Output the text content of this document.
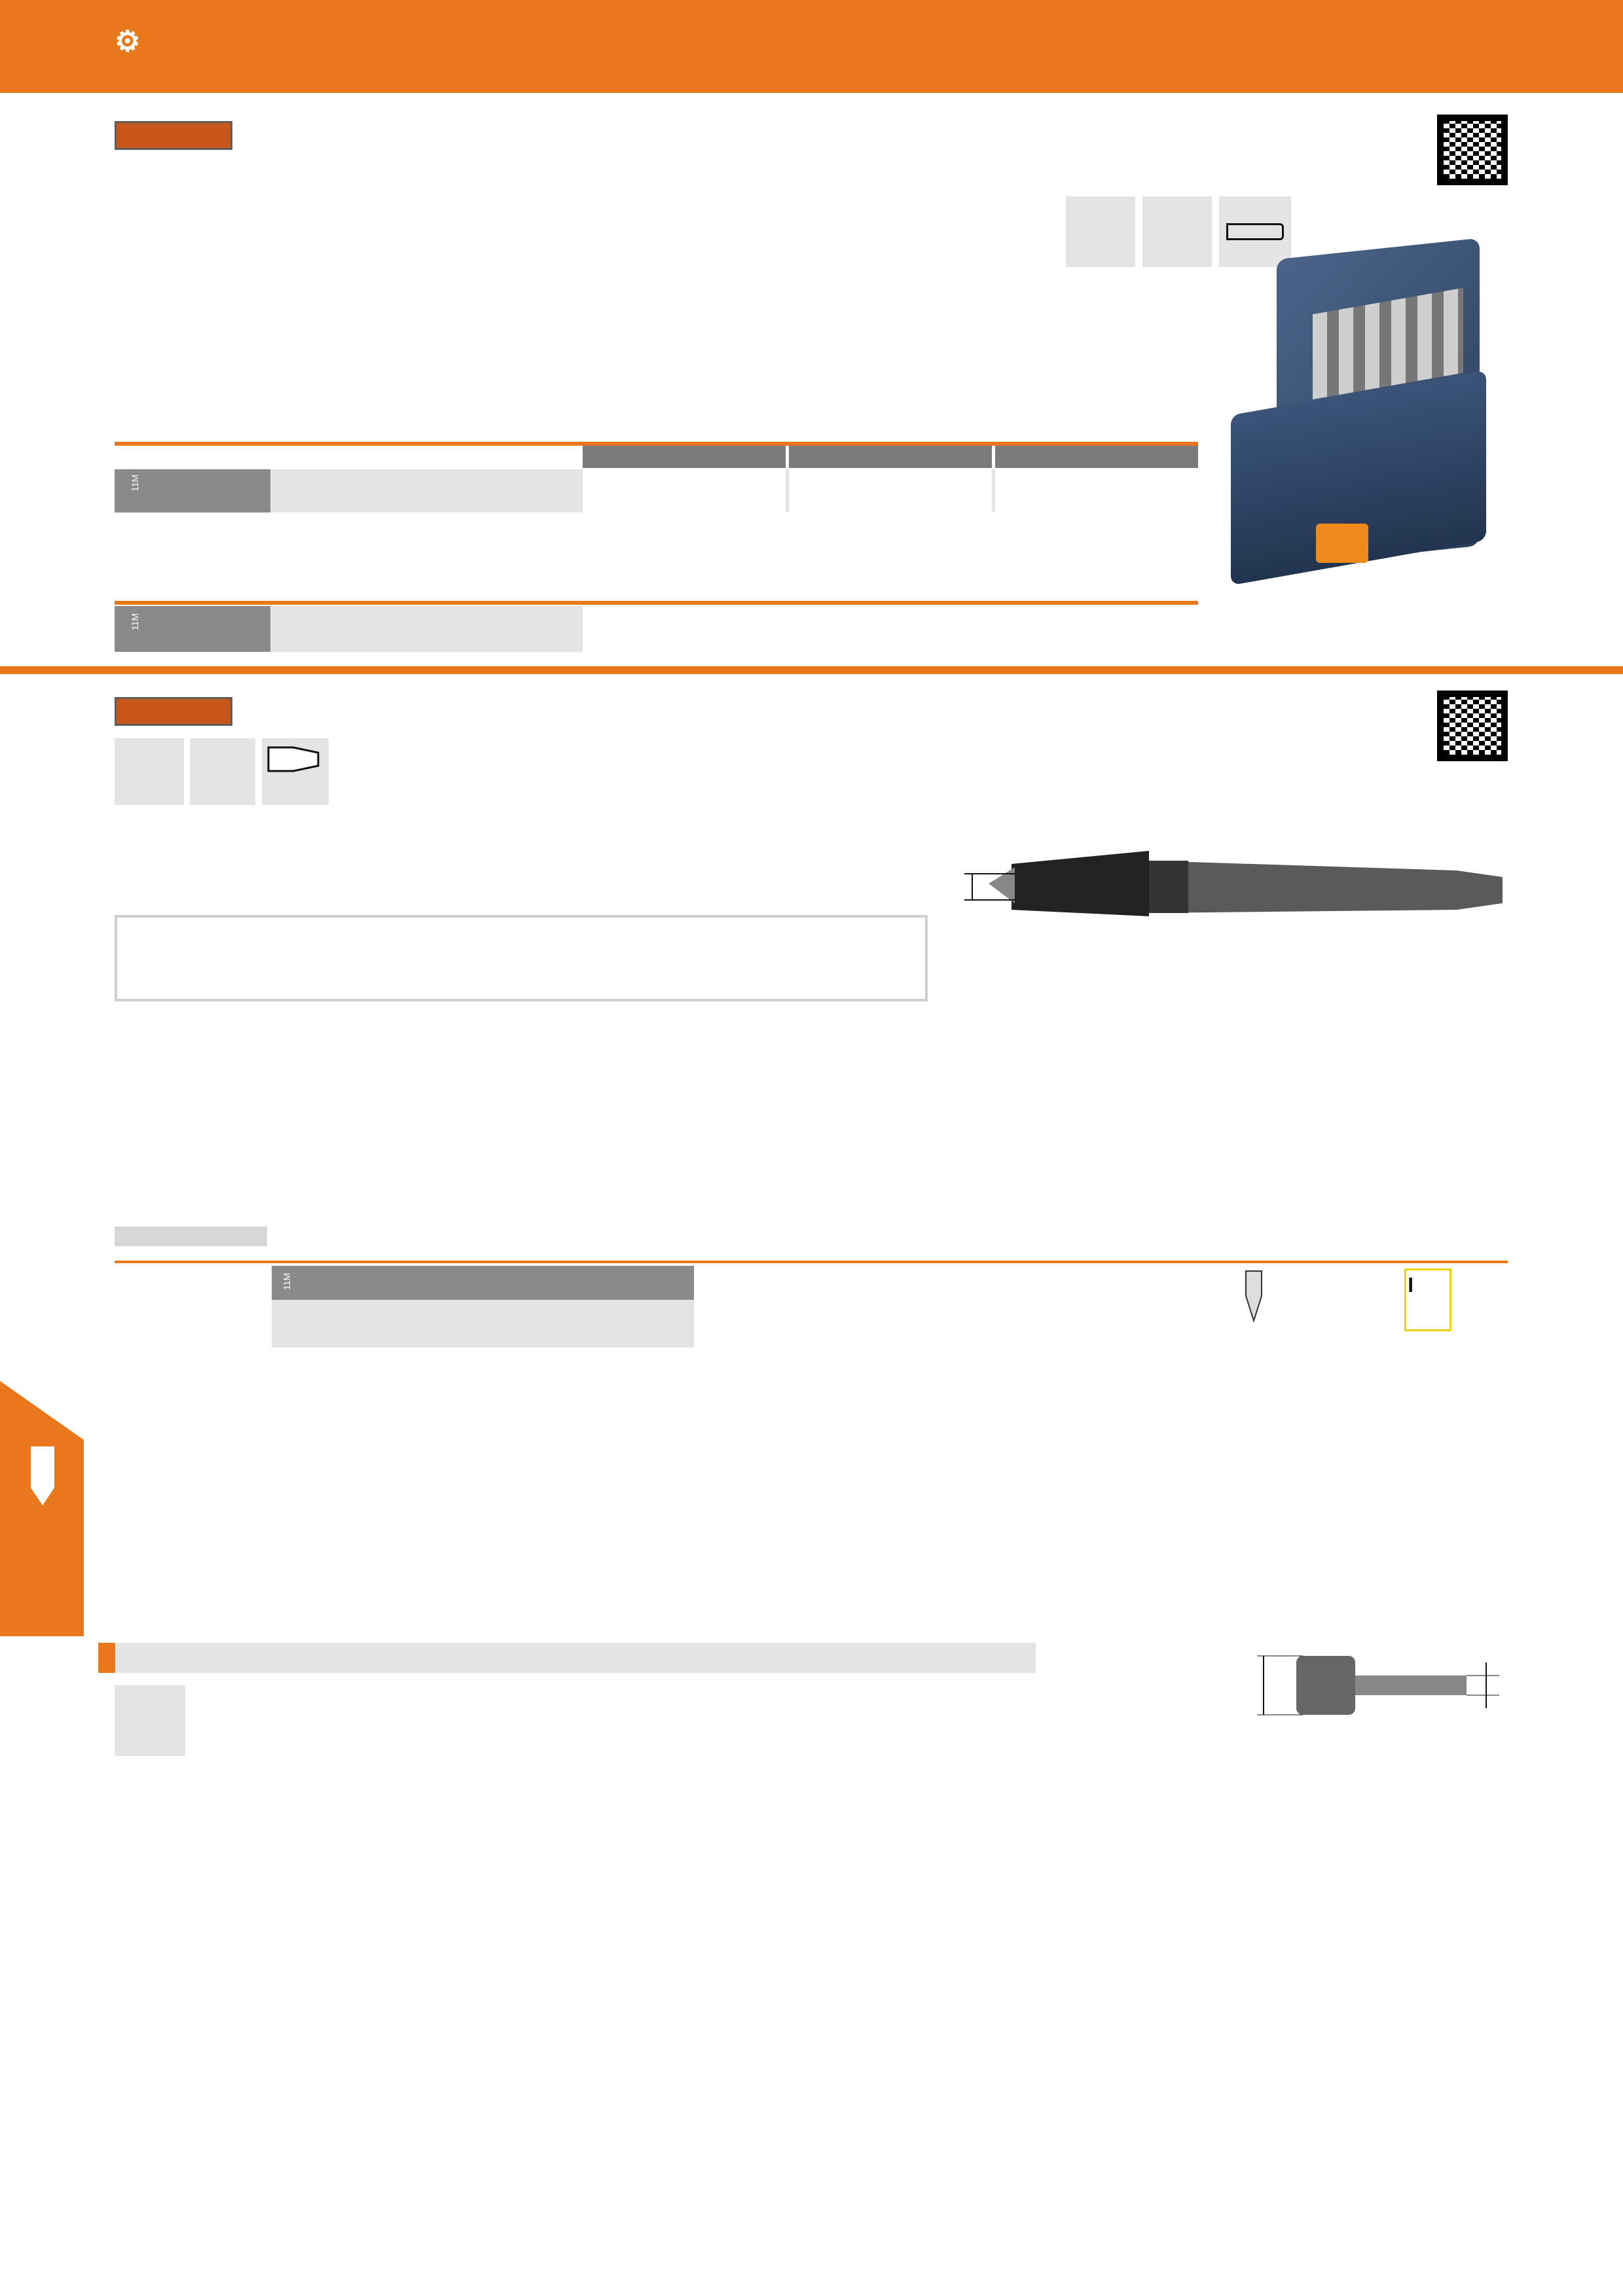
⚙
11M
11M
11M	𝐈
